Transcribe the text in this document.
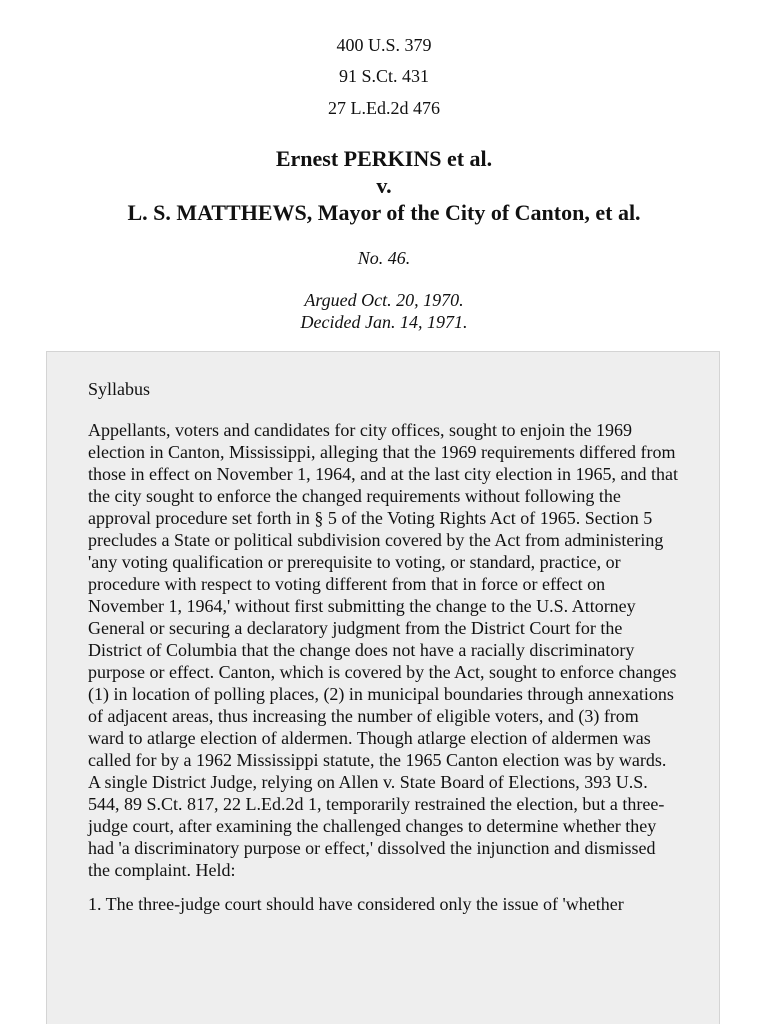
400 U.S. 379
91 S.Ct. 431
27 L.Ed.2d 476
Ernest PERKINS et al.
v.
L. S. MATTHEWS, Mayor of the City of Canton, et al.
No. 46.
Argued Oct. 20, 1970.
Decided Jan. 14, 1971.

Syllabus

Appellants, voters and candidates for city offices, sought to enjoin the 1969 election in Canton, Mississippi, alleging that the 1969 requirements differed from those in effect on November 1, 1964, and at the last city election in 1965, and that the city sought to enforce the changed requirements without following the approval procedure set forth in § 5 of the Voting Rights Act of 1965. Section 5 precludes a State or political subdivision covered by the Act from administering 'any voting qualification or prerequisite to voting, or standard, practice, or procedure with respect to voting different from that in force or effect on November 1, 1964,' without first submitting the change to the U.S. Attorney General or securing a declaratory judgment from the District Court for the District of Columbia that the change does not have a racially discriminatory purpose or effect. Canton, which is covered by the Act, sought to enforce changes (1) in location of polling places, (2) in municipal boundaries through annexations of adjacent areas, thus increasing the number of eligible voters, and (3) from ward to atlarge election of aldermen. Though atlarge election of aldermen was called for by a 1962 Mississippi statute, the 1965 Canton election was by wards. A single District Judge, relying on Allen v. State Board of Elections, 393 U.S. 544, 89 S.Ct. 817, 22 L.Ed.2d 1, temporarily restrained the election, but a three-judge court, after examining the challenged changes to determine whether they had 'a discriminatory purpose or effect,' dissolved the injunction and dismissed the complaint. Held:

1. The three-judge court should have considered only the issue of 'whether
